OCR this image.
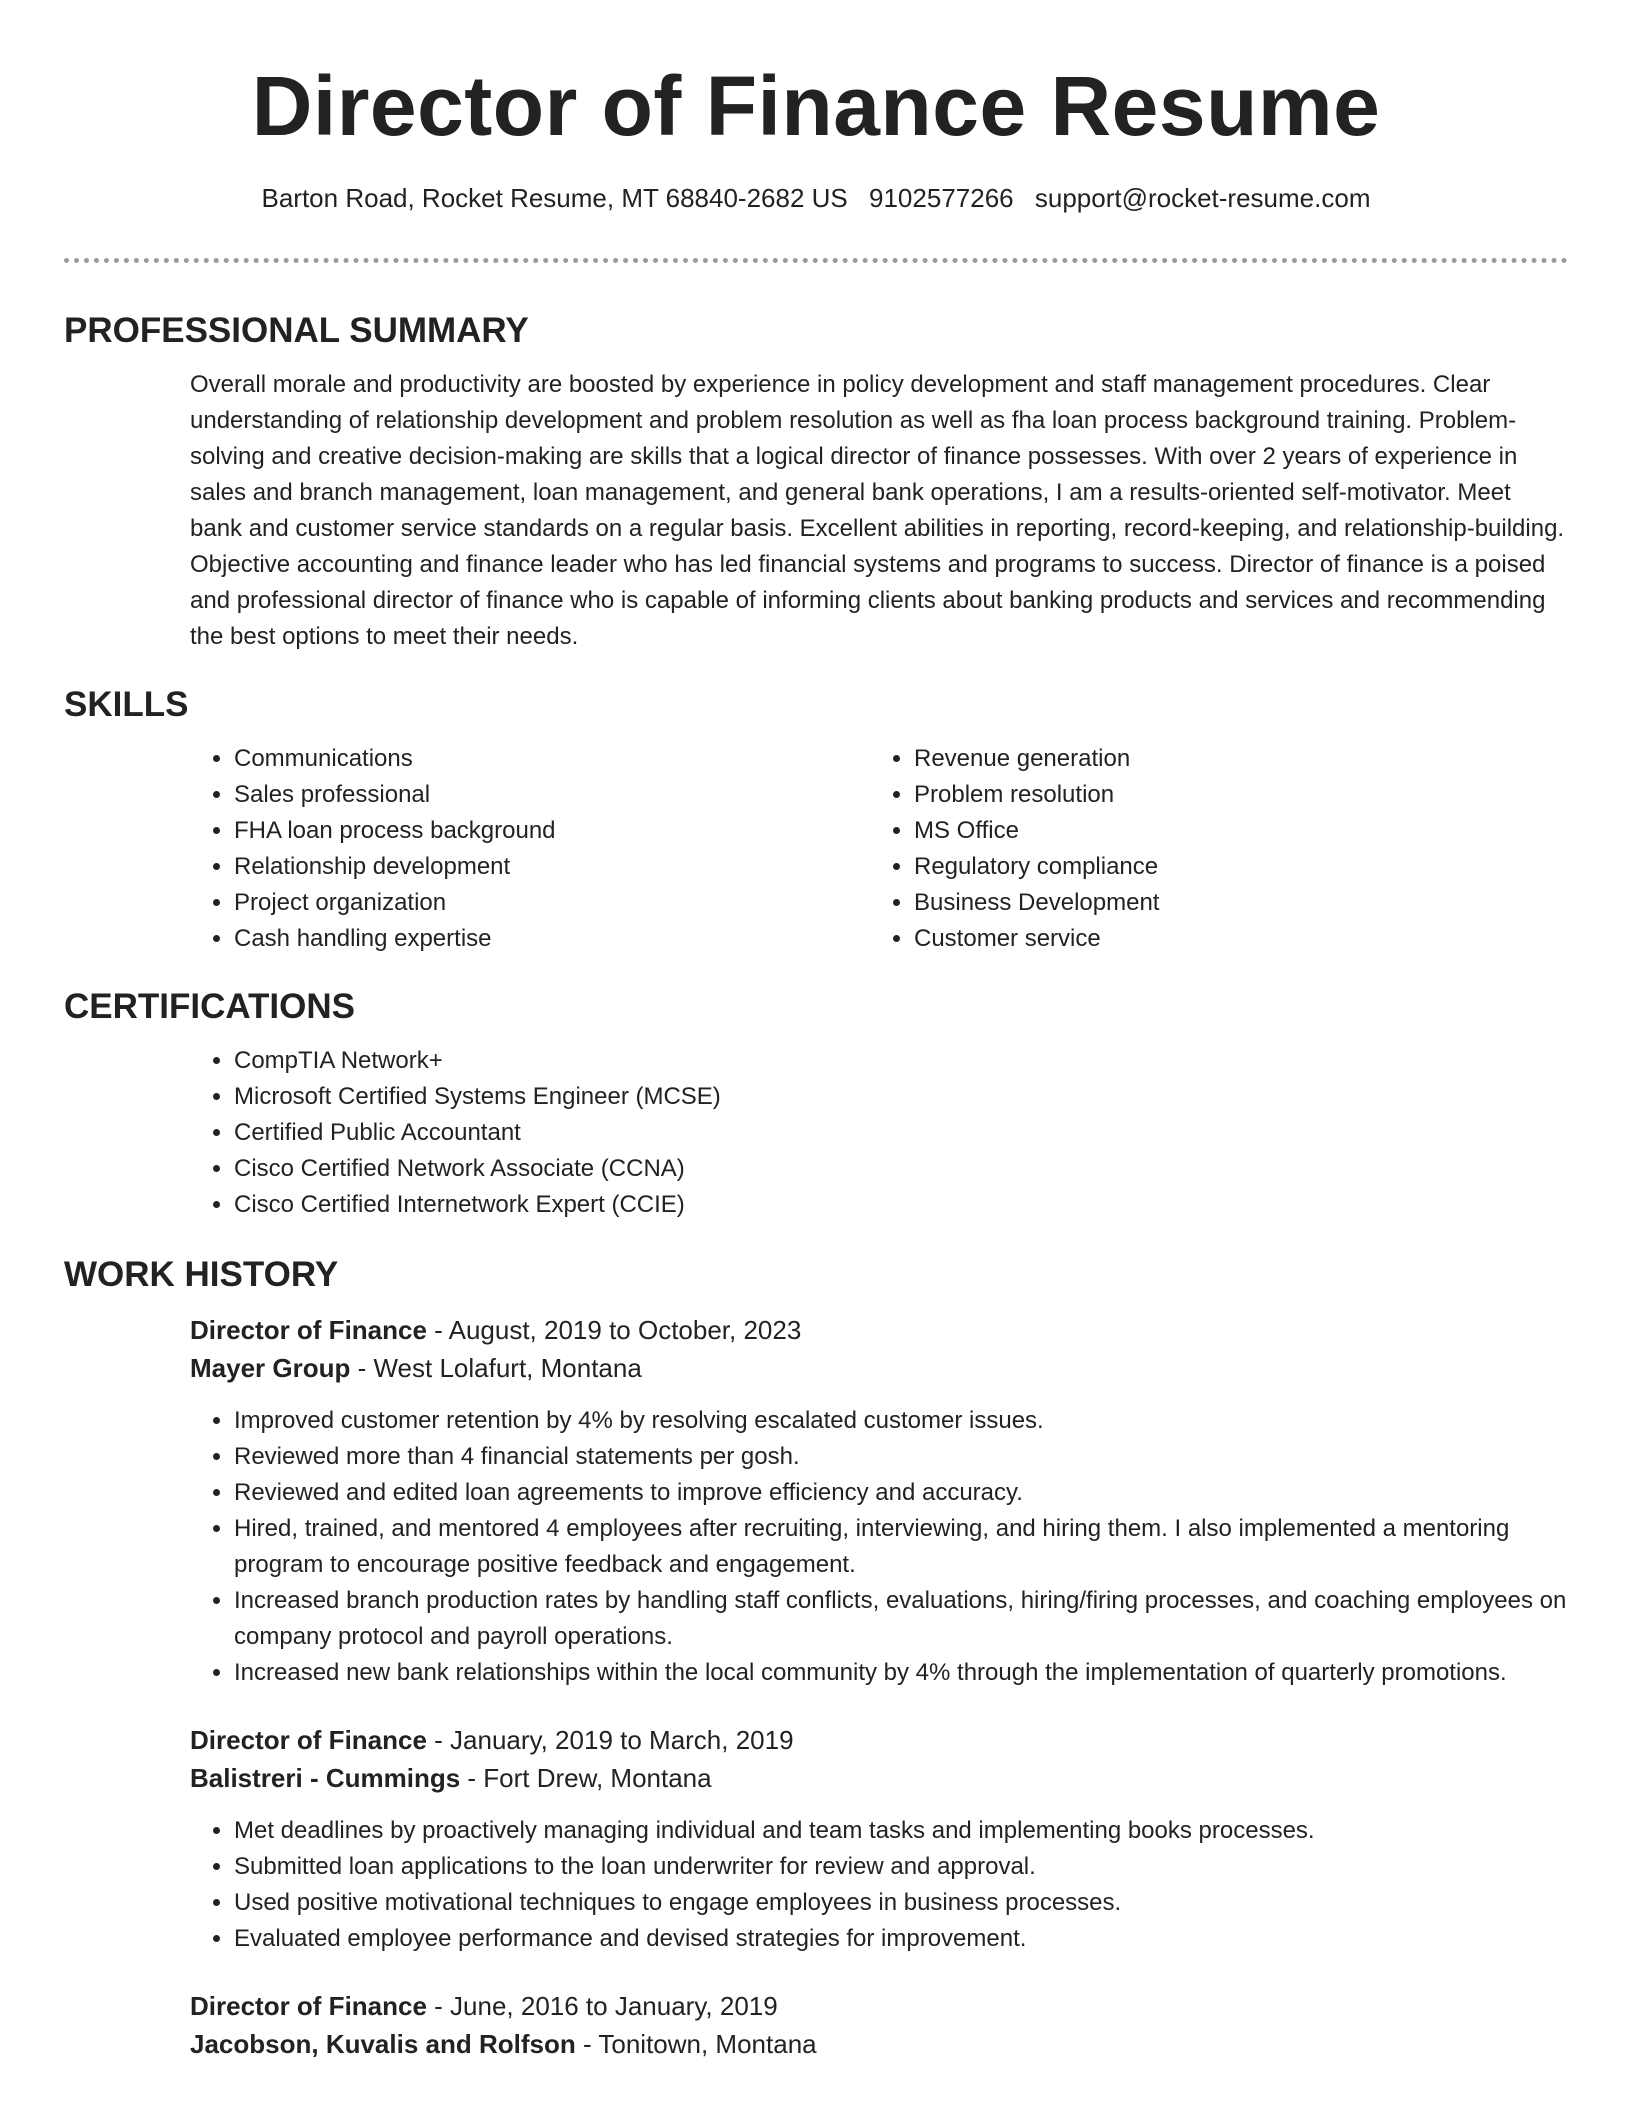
Director of Finance Resume
Barton Road, Rocket Resume, MT 68840-2682 US 9102577266 support@rocket-resume.com
PROFESSIONAL SUMMARY

Overall morale and productivity are boosted by experience in policy development and staff management procedures. Clear understanding of relationship development and problem resolution as well as fha loan process background training. Problem-solving and creative decision-making are skills that a logical director of finance possesses. With over 2 years of experience in sales and branch management, loan management, and general bank operations, I am a results-oriented self-motivator. Meet bank and customer service standards on a regular basis. Excellent abilities in reporting, record-keeping, and relationship-building. Objective accounting and finance leader who has led financial systems and programs to success. Director of finance is a poised and professional director of finance who is capable of informing clients about banking products and services and recommending the best options to meet their needs.

SKILLS
• Communications
• Sales professional
• FHA loan process background
• Relationship development
• Project organization
• Cash handling expertise
• Revenue generation
• Problem resolution
• MS Office
• Regulatory compliance
• Business Development
• Customer service
CERTIFICATIONS
• CompTIA Network+
• Microsoft Certified Systems Engineer (MCSE)
• Certified Public Accountant
• Cisco Certified Network Associate (CCNA)
• Cisco Certified Internetwork Expert (CCIE)
WORK HISTORY
Director of Finance - August, 2019 to October, 2023
Mayer Group - West Lolafurt, Montana
• Improved customer retention by 4% by resolving escalated customer issues.
• Reviewed more than 4 financial statements per gosh.
• Reviewed and edited loan agreements to improve efficiency and accuracy.
• Hired, trained, and mentored 4 employees after recruiting, interviewing, and hiring them. I also implemented a mentoring program to encourage positive feedback and engagement.
• Increased branch production rates by handling staff conflicts, evaluations, hiring/firing processes, and coaching employees on company protocol and payroll operations.
• Increased new bank relationships within the local community by 4% through the implementation of quarterly promotions.
Director of Finance - January, 2019 to March, 2019
Balistreri - Cummings - Fort Drew, Montana
• Met deadlines by proactively managing individual and team tasks and implementing books processes.
• Submitted loan applications to the loan underwriter for review and approval.
• Used positive motivational techniques to engage employees in business processes.
• Evaluated employee performance and devised strategies for improvement.
Director of Finance - June, 2016 to January, 2019
Jacobson, Kuvalis and Rolfson - Tonitown, Montana
